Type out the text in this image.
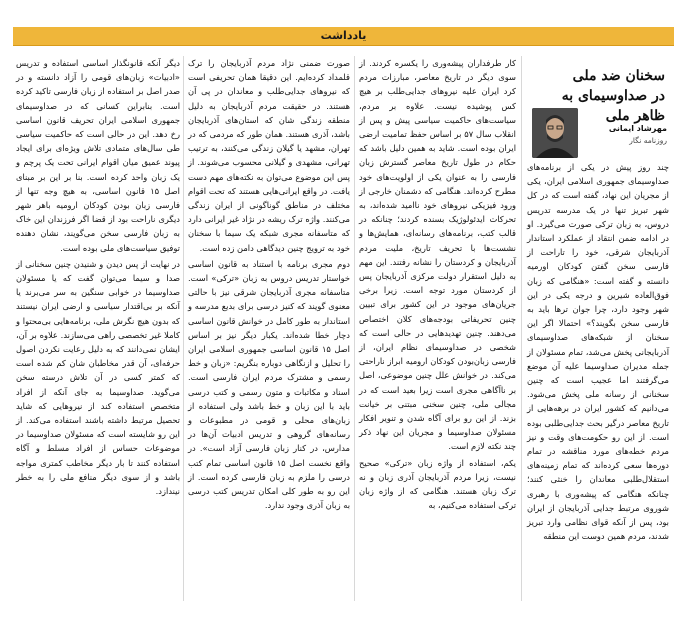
یادداشت
سخنان ضد ملی
در صداوسیمای به ظاهر ملی
مهرشاد ایمانی
روزنامه نگار

چند روز پیش در یکی از برنامه‌های صداوسیمای جمهوری اسلامی ایران، یکی از مجریان این نهاد، گفته است که در کل شهر تبریز تنها در یک مدرسه تدریس دروس، به زبان ترکی صورت می‌گیرد. او در ادامه ضمن انتقاد از عملکرد استاندار آذربایجان شرقی، خود را تاراحت از فارسی سخن گفتن کودکان اورمیه دانسته و گفته است: «هنگامی که زبان فوق‌العاده شیرین و درجه یکی در این شهر وجود دارد، چرا جوان ترها باید به فارسی سخن بگویند؟» احتمالا اگر این سخنان از شبکه‌های صداوسیمای آذربایجانی پخش می‌شد، تمام مسئولان از جمله مدیران صداوسیما علیه آن موضع می‌گرفتند اما عجیب است که چنین سخنانی از رسانه ملی پخش می‌شود. می‌دانیم که کشور ایران در برهه‌هایی از تاریخ معاصر درگیر بحث جدایی‌طلبی بوده است. از این رو حکومت‌های وقت و نیز مردم خطه‌های مورد مناقشه در تمام دوره‌ها سعی کرده‌اند که تمام زمینه‌های استقلال‌طلبی معاندان را خنثی کنند؛ چنانکه هنگامی که پیشه‌وری با رهبری شوروی مرتبط جدایی آذربایجان از ایران بود، پس از آنکه قوای نظامی وارد تبریز شدند، مردم همین دوست این منطقه

کار طرفداران پیشه‌وری را یکسره کردند. از سوی دیگر در تاریخ معاصر، مبارزات مردم کرد ایران علیه نیروهای جدایی‌طلب بر هیچ کس پوشیده نیست. علاوه بر مردم، سیاست‌های حاکمیت سیاسی پیش و پس از انقلاب سال ۵۷ بر اساس حفظ تمامیت ارضی ایران بوده است. شاید به همین دلیل باشد که حکام در طول تاریخ معاصر گسترش زبان فارسی را به عنوان یکی از اولویت‌های خود مطرح کرده‌اند. هنگامی که دشمنان خارجی از ورود فیزیکی نیروهای خود ناامید شده‌اند، به تحرکات ایدئولوژیک بسنده کردند؛ چنانکه در قالب کتب، برنامه‌های رسانه‌ای، همایش‌ها و نشست‌ها با تحریف تاریخ، ملیت مردم آذربایجان و کردستان را نشانه رفتند. این مهم به دلیل استقرار دولت مرکزی آذربایجان پس از کردستان مورد توجه است. زیرا برخی جریان‌های موجود در این کشور برای تبیین چنین تحریفاتی بودجه‌های کلان اختصاص می‌دهند. چنین تهدیدهایی در حالی است که شخصی در صداوسیمای نظام ایران، از فارسی زبان‌بودن کودکان ارومیه ابراز ناراحتی می‌کند. در خوانش علل چنین موضوعی، اصل بر ناآگاهی مجری است زیرا بعید است که در مجالی ملی، چنین سخنی مبتنی بر خیانت بزند. از این رو برای آگاه شدن و تنویر افکار مسئولان صداوسیما و مجریان این نهاد ذکر چند نکته لازم است.

یکم، استفاده از واژه زبان «ترکی» صحیح نیست، زیرا مردم آذربایجان آذری زبان و نه ترک زبان هستند. هنگامی که از واژه زبان ترکی استفاده می‌کنیم، به

صورت ضمنی نژاد مردم آذربایجان را ترک قلمداد کرده‌ایم. این دقیقا همان تحریفی است که نیروهای جدایی‌طلب و معاندان در پی آن هستند. در حقیقت مردم آذربایجان به دلیل منطقه زندگی شان که استان‌های آذربایجان باشد، آذری هستند. همان طور که مردمی که در تهران، مشهد یا گیلان زندگی می‌کنند، به ترتیب تهرانی، مشهدی و گیلانی محسوب می‌شوند. از پس این موضوع می‌توان به نکته‌های مهم دست یافت. در واقع ایرانی‌هایی هستند که تحت اقوام مختلف در مناطق گوناگونی از ایران زندگی می‌کنند. واژه ترک ریشه در نژاد غیر ایرانی دارد که متاسفانه مجری شبکه یک سیما با سخنان خود به ترویج چنین دیدگاهی دامن زده است.

دوم مجری برنامه با استناد به قانون اساسی خواستار تدریس دروس به زبان «ترکی» است. متاسفانه مجری آذربایجان شرقی نیز با حالتی معنوی گویند که کنیز درسی برای بدیع مدرسه و استاندار به طور کامل در خوانش قانون اساسی دچار خطا شده‌اند. یکبار دیگر نیز بر اساس اصل ۱۵ قانون اساسی جمهوری اسلامی ایران را تحلیل و ازنگاهی دوباره بنگریم: «زبان و خط رسمی و مشترک مردم ایران فارسی است. اسناد و مکاتبات و متون رسمی و کتب درسی باید با این زبان و خط باشد ولی استفاده از زبان‌های محلی و قومی در مطبوعات و رسانه‌های گروهی و تدریس ادبیات آن‌ها در مدارس، در کنار زبان فارسی آزاد است». در واقع نخست اصل ۱۵ قانون اساسی تمام کتب درسی را ملزم به زبان فارسی کرده است. از این رو به طور کلی امکان تدریس کتب درسی به زبان آذری وجود ندارد.

دیگر آنکه قانونگذار اساسی استفاده و تدریس «ادبیات» زبان‌های قومی را آزاد دانسته و در صدر اصل بر استفاده از زبان فارسی تاکید کرده است. بنابراین کسانی که در صداوسیمای جمهوری اسلامی ایران تحریف قانون اساسی رخ دهد. این در حالی است که حاکمیت سیاسی طی سال‌های متمادی تلاش ویژه‌ای برای ایجاد پیوند عمیق میان اقوام ایرانی تحت یک پرچم و یک زبان واحد کرده است. بنا بر این بر مبنای اصل ۱۵ قانون اساسی، به هیچ وجه تنها از فارسی زبان بودن کودکان ارومیه باهر شهر دیگری ناراحت بود از قضا اگر فرزندان این خاک به زبان فارسی سخن می‌گویند، نشان دهنده توفیق سیاست‌های ملی بوده است.

در نهایت از پس دیدن و شنیدن چنین سخنانی از صدا و سیما می‌توان گفت که یا مسئولان صداوسیما در خوابی سنگین به سر می‌برند یا آنکه بر بی‌اقتدار سیاسی و ارضی ایران نیستند که بدون هیچ نگرش ملی، برنامه‌هایی بی‌محتوا و کاملا غیر تخصصی راهی می‌سازند. علاوه بر آن، ایشان نمی‌دانند که به دلیل رعایت نکردن اصول حرفه‌ای، آن قدر مخاطبان شان کم شده است که کمتر کسی در آن تلاش درسته سخن می‌گوید. صداوسیما به جای آنکه از افراد متخصص استفاده کند از نیروهایی که شاید تحصیل مرتبط داشته باشند استفاده می‌کند. از این رو شایسته است که مسئولان صداوسیما در موضوعات حساس از افراد مسلط و آگاه استفاده کنند تا بار دیگر مخاطب کمتری مواجه باشد و از سوی دیگر منافع ملی را به خطر نیندازد.
